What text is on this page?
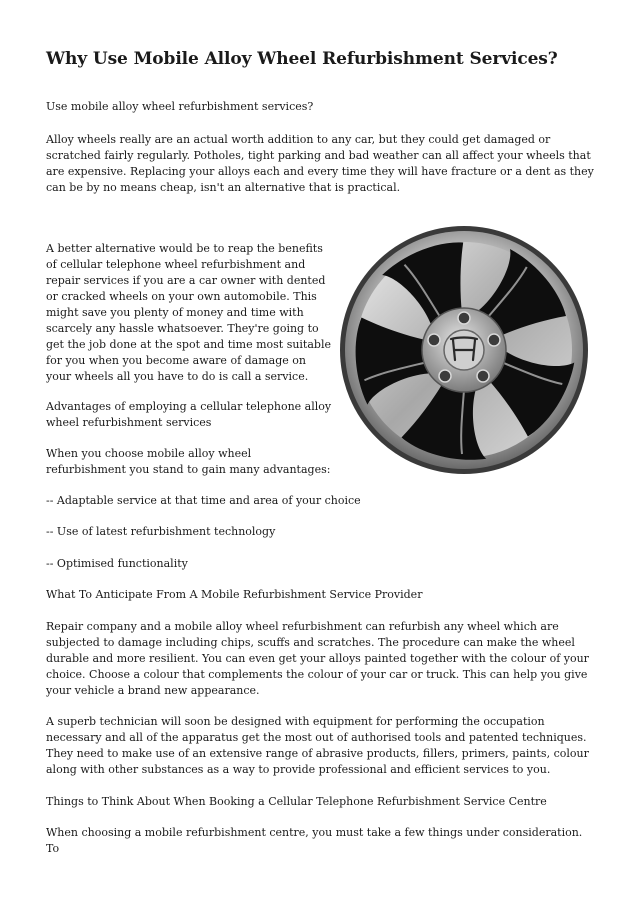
Why Use Mobile Alloy Wheel Refurbishment Services?

Use mobile alloy wheel refurbishment services?

Alloy wheels really are an actual worth addition to any car, but they could get damaged or scratched fairly regularly. Potholes, tight parking and bad weather can all affect your wheels that are expensive. Replacing your alloys each and every time they will have fracture or a dent as they can be by no means cheap, isn't an alternative that is practical.

A better alternative would be to reap the benefits of cellular telephone wheel refurbishment and repair services if you are a car owner with dented or cracked wheels on your own automobile. This might save you plenty of money and time with scarcely any hassle whatsoever. They're going to get the job done at the spot and time most suitable for you when you become aware of damage on your wheels all you have to do is call a service.

Advantages of employing a cellular telephone alloy wheel refurbishment services

When you choose mobile alloy wheel refurbishment you stand to gain many advantages:

-- Adaptable service at that time and area of your choice

-- Use of latest refurbishment technology

-- Optimised functionality

What To Anticipate From A Mobile Refurbishment Service Provider

Repair company and a mobile alloy wheel refurbishment can refurbish any wheel which are subjected to damage including chips, scuffs and scratches. The procedure can make the wheel durable and more resilient. You can even get your alloys painted together with the colour of your choice. Choose a colour that complements the colour of your car or truck. This can help you give your vehicle a brand new appearance.

A superb technician will soon be designed with equipment for performing the occupation necessary and all of the apparatus get the most out of authorised tools and patented techniques. They need to make use of an extensive range of abrasive products, fillers, primers, paints, colour along with other substances as a way to provide professional and efficient services to you.

Things to Think About When Booking a Cellular Telephone Refurbishment Service Centre

When choosing a mobile refurbishment centre, you must take a few things under consideration. To
